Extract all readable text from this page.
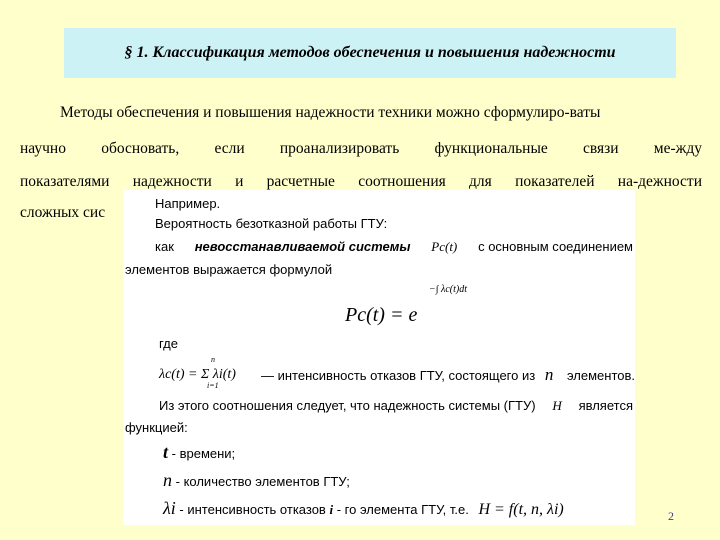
§ 1. Классификация методов обеспечения и повышения надежности
Методы обеспечения и повышения надежности техники можно сформулиро-ваты
научно обосновать, если проанализировать функциональные связи ме-жду
показателями надежности и расчетные соотношения для показателей на-дежности
сложных сис
Например.
Вероятность безотказной работы ГТУ:
как невосстанавливаемой системы Pс(t) с основным соединением
элементов выражается формулой
Pс(t) = e
−∫ λс(t)dt
где
λс(t) = Σ λi(t)
n
i=1
— интенсивность отказов ГТУ, состоящего из n элементов.
Из этого соотношения следует, что надежность системы (ГТУ) H является
функцией:
t - времени;
n - количество элементов ГТУ;
λi - интенсивность отказов i - го элемента ГТУ, т.е. H = f(t, n, λi)	2
